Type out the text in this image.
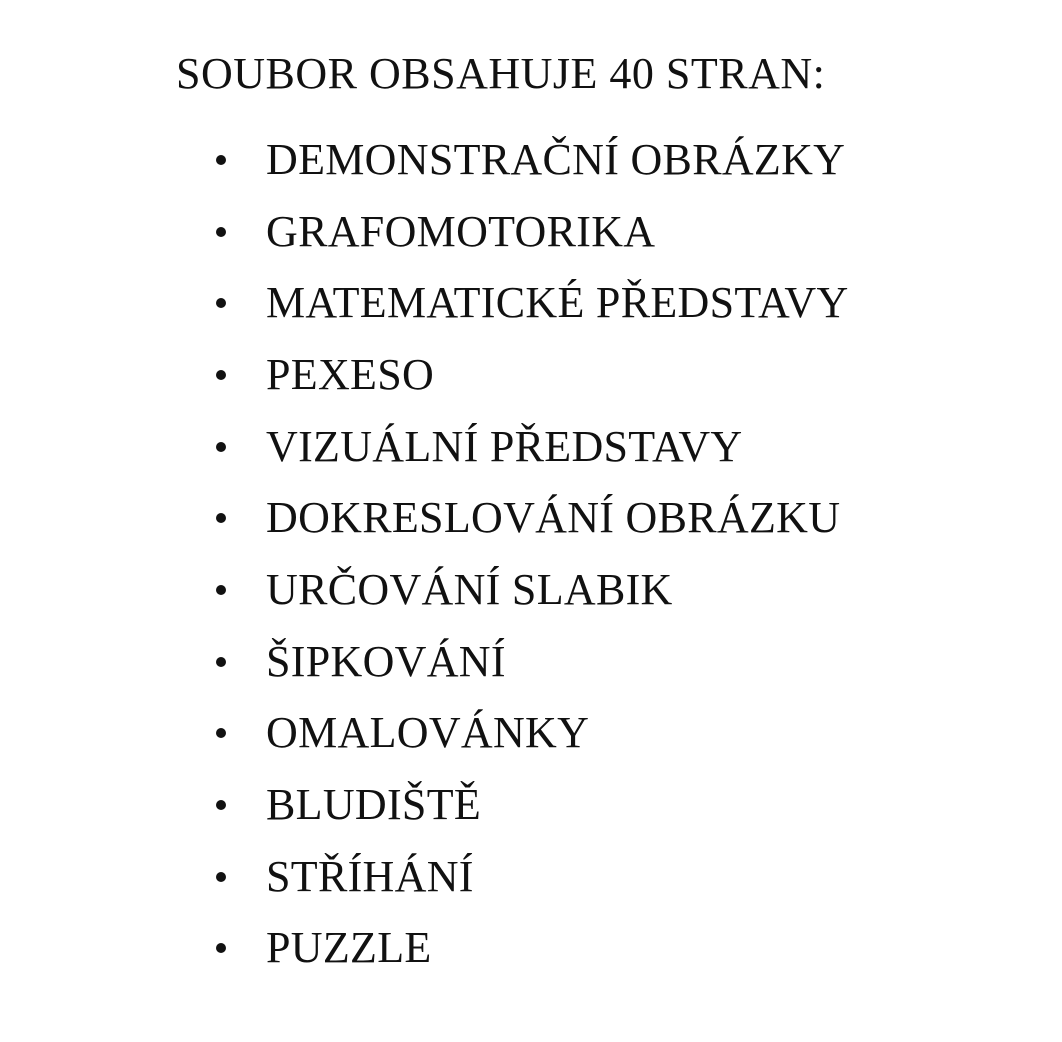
SOUBOR OBSAHUJE 40 STRAN:
DEMONSTRAČNÍ OBRÁZKY
GRAFOMOTORIKA
MATEMATICKÉ PŘEDSTAVY
PEXESO
VIZUÁLNÍ PŘEDSTAVY
DOKRESLOVÁNÍ OBRÁZKU
URČOVÁNÍ SLABIK
ŠIPKOVÁNÍ
OMALOVÁNKY
BLUDIŠTĚ
STŘÍHÁNÍ
PUZZLE
